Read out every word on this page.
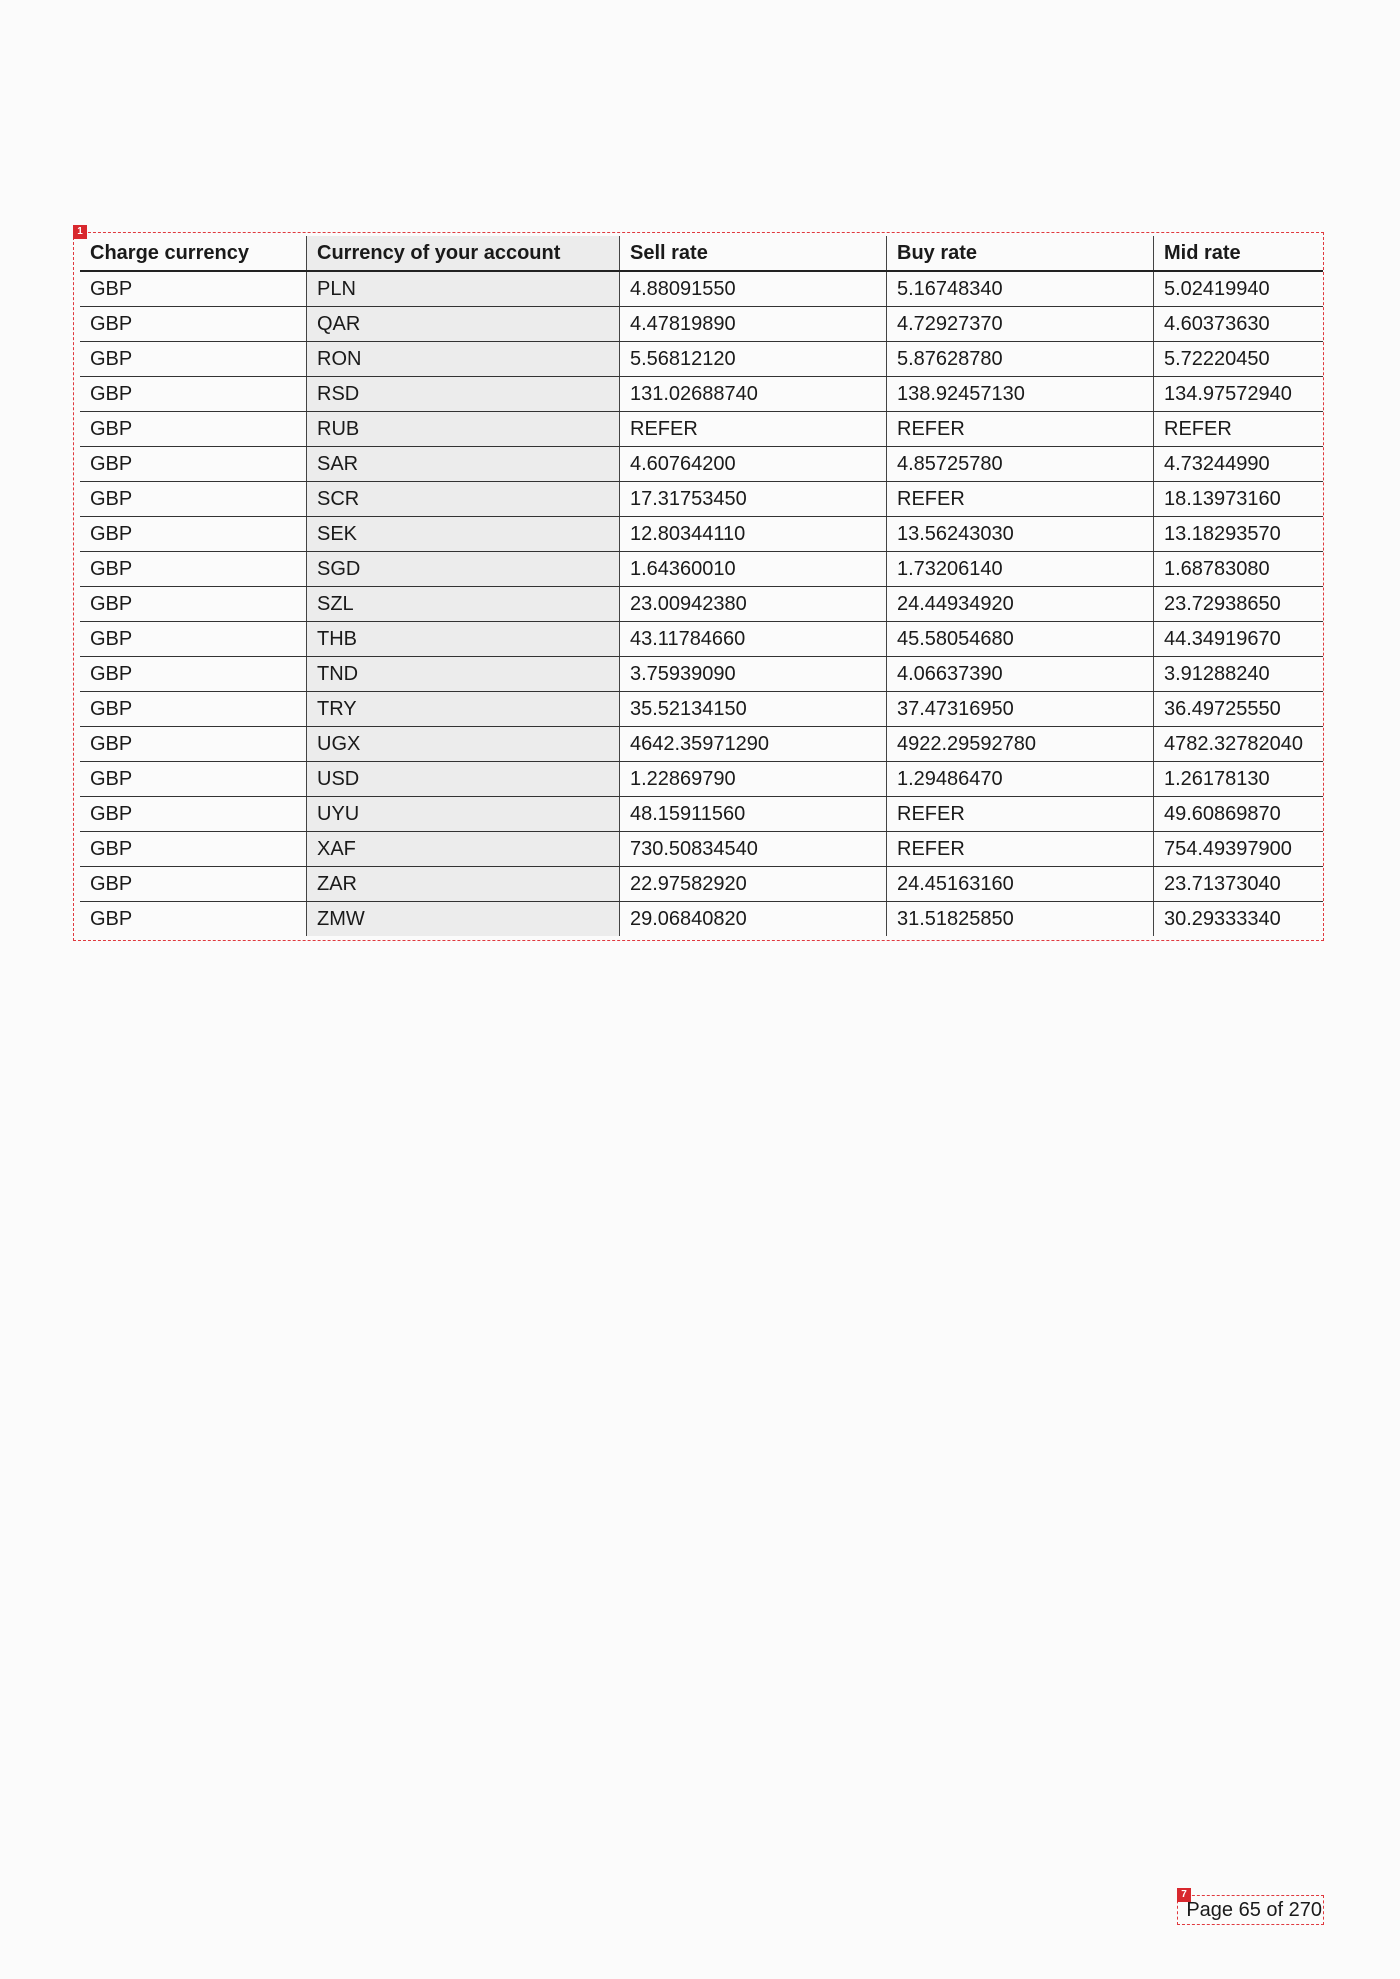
1
Charge currency	Currency of your account	Sell rate	Buy rate	Mid rate
GBP	PLN	4.88091550	5.16748340	5.02419940
GBP	QAR	4.47819890	4.72927370	4.60373630
GBP	RON	5.56812120	5.87628780	5.72220450
GBP	RSD	131.02688740	138.92457130	134.97572940
GBP	RUB	REFER	REFER	REFER
GBP	SAR	4.60764200	4.85725780	4.73244990
GBP	SCR	17.31753450	REFER	18.13973160
GBP	SEK	12.80344110	13.56243030	13.18293570
GBP	SGD	1.64360010	1.73206140	1.68783080
GBP	SZL	23.00942380	24.44934920	23.72938650
GBP	THB	43.11784660	45.58054680	44.34919670
GBP	TND	3.75939090	4.06637390	3.91288240
GBP	TRY	35.52134150	37.47316950	36.49725550
GBP	UGX	4642.35971290	4922.29592780	4782.32782040
GBP	USD	1.22869790	1.29486470	1.26178130
GBP	UYU	48.15911560	REFER	49.60869870
GBP	XAF	730.50834540	REFER	754.49397900
GBP	ZAR	22.97582920	24.45163160	23.71373040
GBP	ZMW	29.06840820	31.51825850	30.29333340
7
Page 65 of 270
